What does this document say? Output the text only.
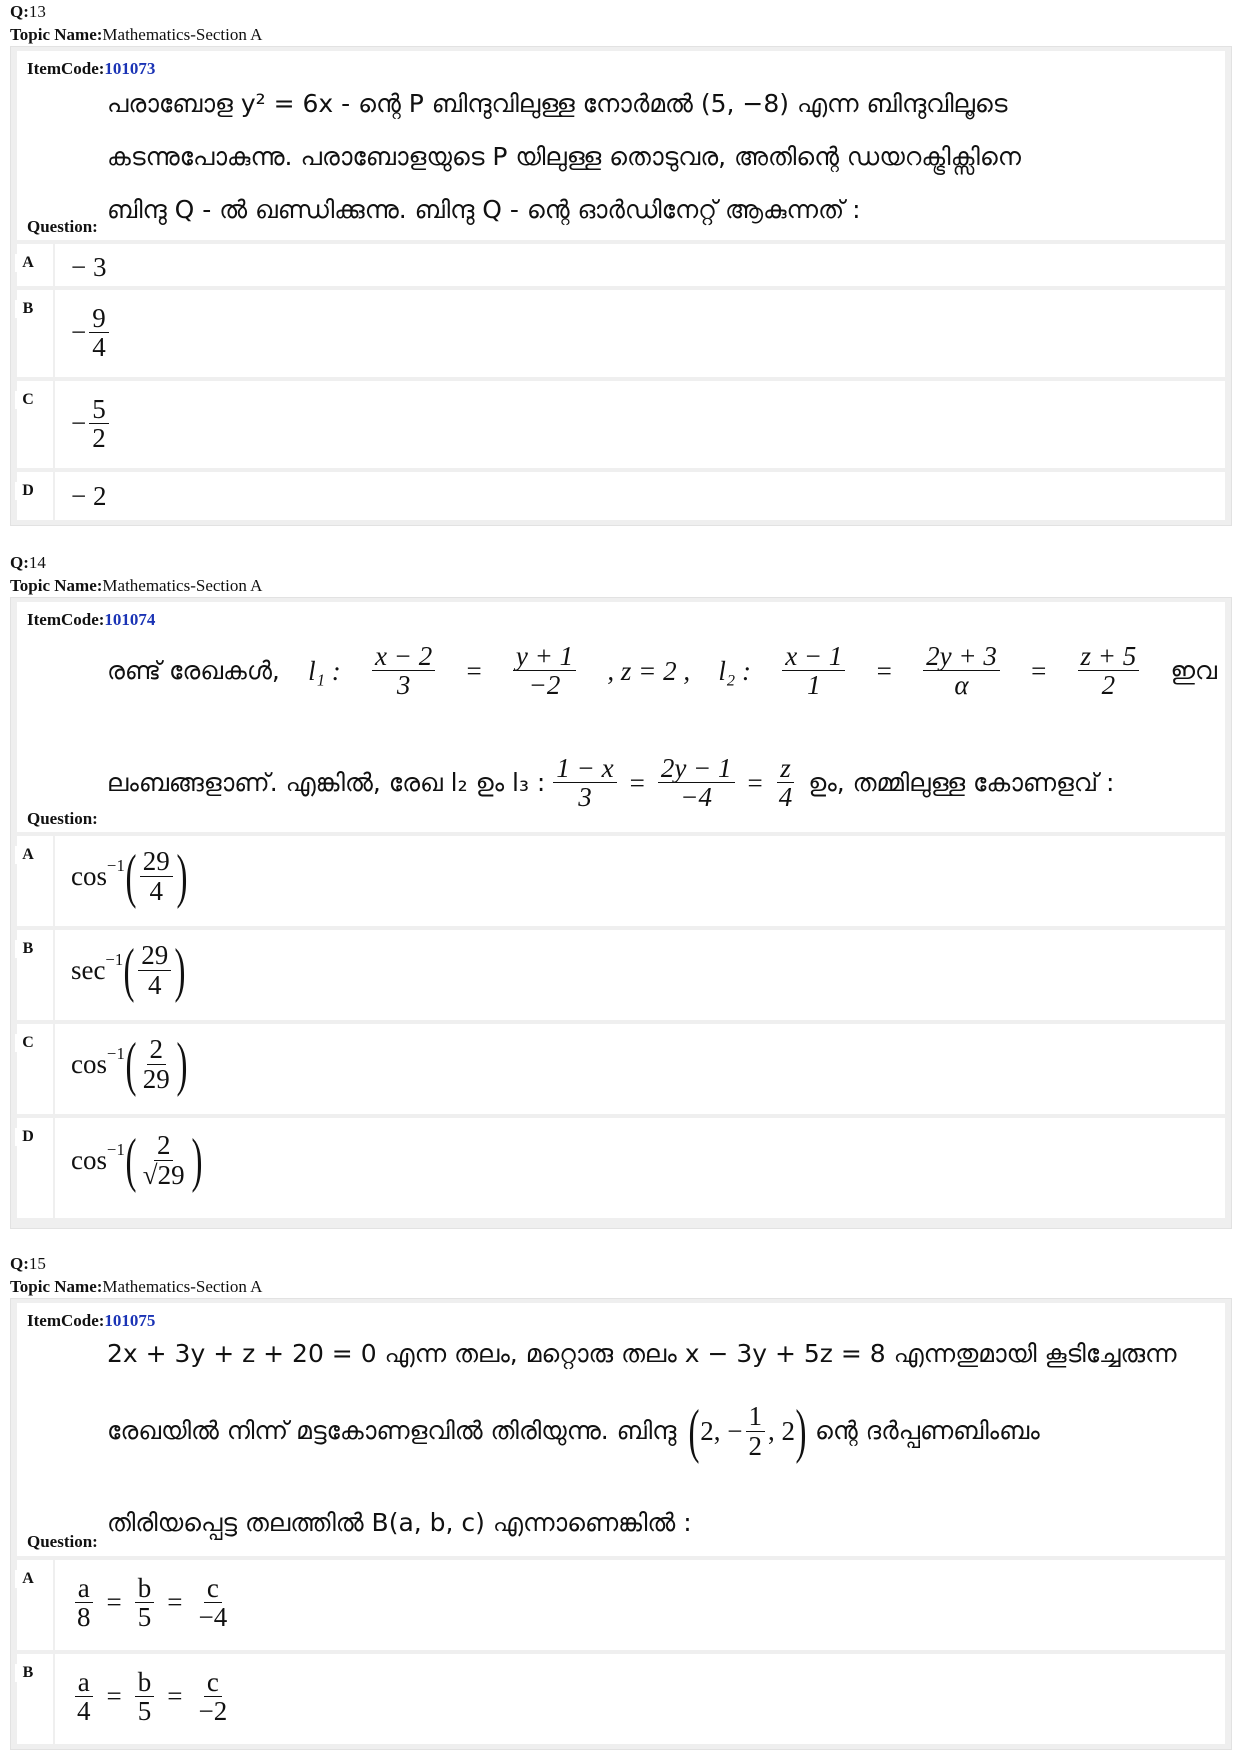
Q:13
Topic Name:Mathematics-Section A
ItemCode:101073
പരാബോള y² = 6x - ന്റെ P ബിന്ദുവിലുള്ള നോർമൽ (5, −8) എന്ന ബിന്ദുവിലൂടെ
കടന്നുപോകുന്നു. പരാബോളയുടെ P യിലുള്ള തൊടുവര, അതിന്റെ ഡയറക്ട്രിക്സിനെ
ബിന്ദു Q - ൽ ഖണ്ഡിക്കുന്നു. ബിന്ദു Q - ന്റെ ഓർഡിനേറ്റ് ആകുന്നത് :
Question:
A − 3
B
− $\frac{9}{4}$
C
− $\frac{5}{2}$
D − 2
Q:14
Topic Name:Mathematics-Section A
ItemCode:101074
രണ്ട് രേഖകൾ, l₁ : $\frac{x - 2}{3} = \frac{y + 1}{-2}$ , z = 2 , l₂ : $\frac{x - 1}{1} = \frac{2y + 3}{\alpha} = \frac{z + 5}{2}$ ഇവ
ലംബങ്ങളാണ്. എങ്കിൽ, രേഖ l₂ ഉം l₃ : $\frac{1 - x}{3} = \frac{2y - 1}{-4} = \frac{z}{4}$ ഉം, തമ്മിലുള്ള കോണളവ് :
Question:
A
$\cos^{-1}$ ( $\frac{29}{4}$ )
B
$\sec^{-1}$ ( $\frac{29}{4}$ )
C
$\cos^{-1}$ ( $\frac{2}{29}$ )
D
$\cos^{-1}$ ( $\frac{2}{√29}$ )
Q:15
Topic Name:Mathematics-Section A
ItemCode:101075
2x + 3y + z + 20 = 0 എന്ന തലം, മറ്റൊരു തലം x − 3y + 5z = 8 എന്നതുമായി കൂടിച്ചേരുന്ന
രേഖയിൽ നിന്ന് മട്ടകോണളവിൽ തിരിയുന്നു. ബിന്ദു ( 2, − $\frac{1}{2}$ , 2 ) ന്റെ ദർപ്പണബിംബം
തിരിയപ്പെട്ട തലത്തിൽ B(a, b, c) എന്നാണെങ്കിൽ :
Question:
A $\frac{a}{8} = \frac{b}{5} = \frac{c}{-4}$
B $\frac{a}{4} = \frac{b}{5} = \frac{c}{-2}$
